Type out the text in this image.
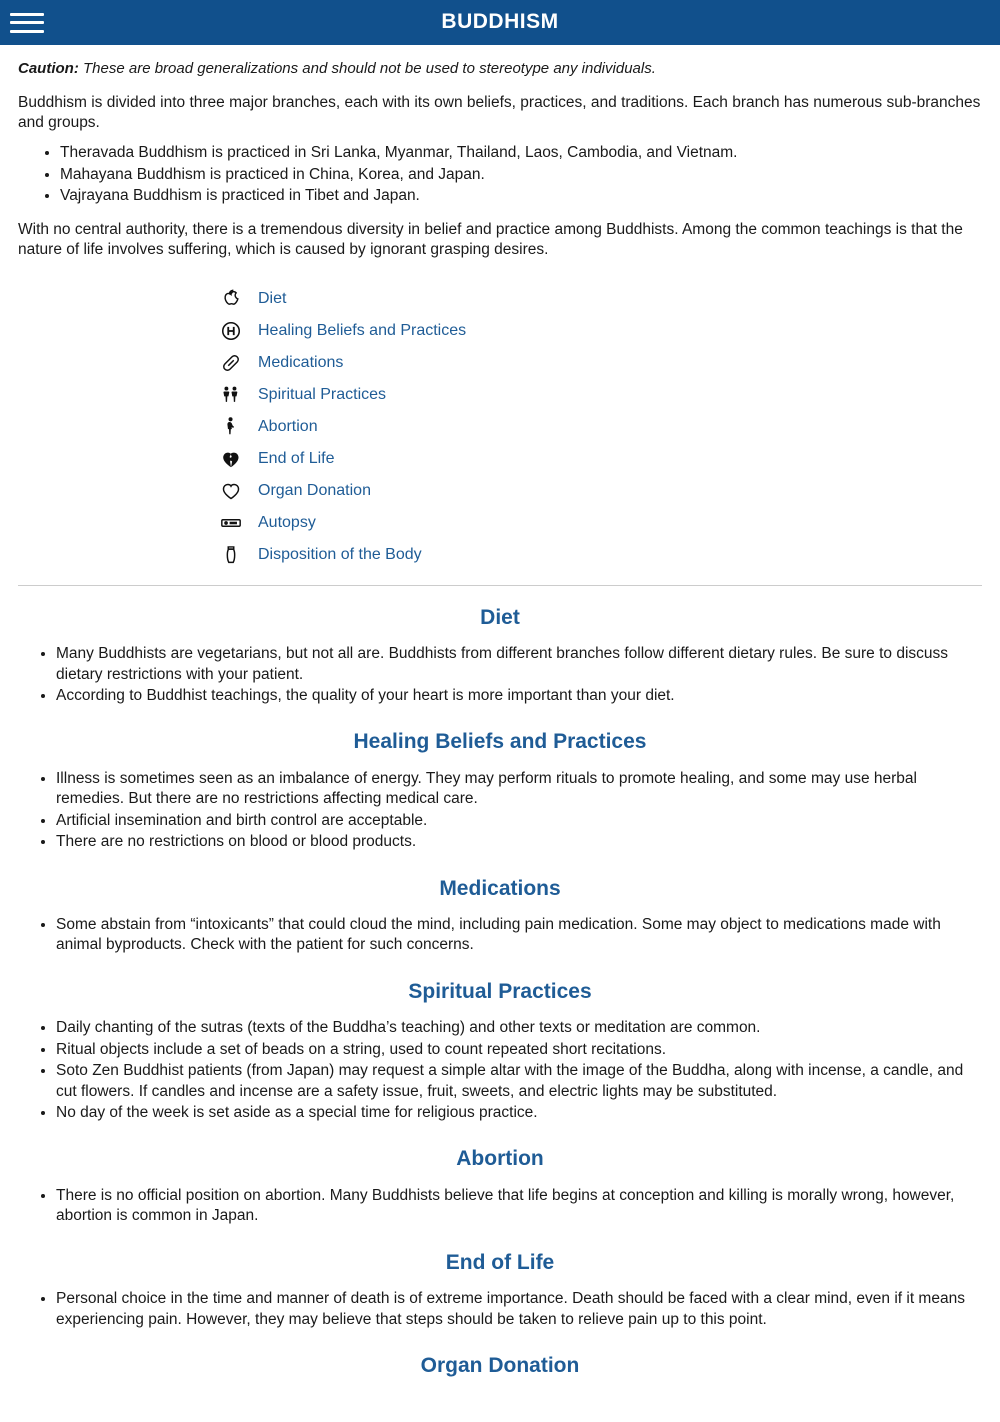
BUDDHISM

Caution: These are broad generalizations and should not be used to stereotype any individuals.

Buddhism is divided into three major branches, each with its own beliefs, practices, and traditions. Each branch has numerous sub-branches and groups.

• Theravada Buddhism is practiced in Sri Lanka, Myanmar, Thailand, Laos, Cambodia, and Vietnam.
• Mahayana Buddhism is practiced in China, Korea, and Japan.
• Vajrayana Buddhism is practiced in Tibet and Japan.

With no central authority, there is a tremendous diversity in belief and practice among Buddhists. Among the common teachings is that the nature of life involves suffering, which is caused by ignorant grasping desires.

Diet
Healing Beliefs and Practices
Medications
Spiritual Practices
Abortion
End of Life
Organ Donation
Autopsy
Disposition of the Body
Diet
• Many Buddhists are vegetarians, but not all are. Buddhists from different branches follow different dietary rules. Be sure to discuss dietary restrictions with your patient.
• According to Buddhist teachings, the quality of your heart is more important than your diet.
Healing Beliefs and Practices
• Illness is sometimes seen as an imbalance of energy. They may perform rituals to promote healing, and some may use herbal remedies. But there are no restrictions affecting medical care.
• Artificial insemination and birth control are acceptable.
• There are no restrictions on blood or blood products.
Medications
• Some abstain from “intoxicants” that could cloud the mind, including pain medication. Some may object to medications made with animal byproducts. Check with the patient for such concerns.
Spiritual Practices
• Daily chanting of the sutras (texts of the Buddha’s teaching) and other texts or meditation are common.
• Ritual objects include a set of beads on a string, used to count repeated short recitations.
• Soto Zen Buddhist patients (from Japan) may request a simple altar with the image of the Buddha, along with incense, a candle, and cut flowers. If candles and incense are a safety issue, fruit, sweets, and electric lights may be substituted.
• No day of the week is set aside as a special time for religious practice.
Abortion
• There is no official position on abortion. Many Buddhists believe that life begins at conception and killing is morally wrong, however, abortion is common in Japan.
End of Life
• Personal choice in the time and manner of death is of extreme importance. Death should be faced with a clear mind, even if it means experiencing pain. However, they may believe that steps should be taken to relieve pain up to this point.
Organ Donation
